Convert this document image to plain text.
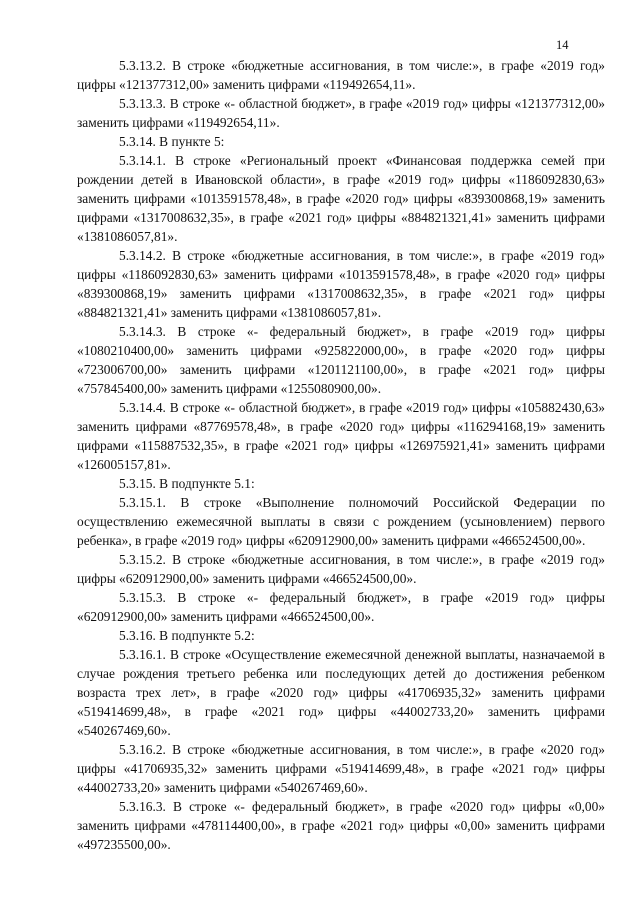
14

5.3.13.2. В строке «бюджетные ассигнования, в том числе:», в графе «2019 год» цифры «121377312,00» заменить цифрами «119492654,11».

5.3.13.3. В строке «- областной бюджет», в графе «2019 год» цифры «121377312,00» заменить цифрами «119492654,11».

5.3.14. В пункте 5:

5.3.14.1. В строке «Региональный проект «Финансовая поддержка семей при рождении детей в Ивановской области», в графе «2019 год» цифры «1186092830,63» заменить цифрами «1013591578,48», в графе «2020 год» цифры «839300868,19» заменить цифрами «1317008632,35», в графе «2021 год» цифры «884821321,41» заменить цифрами «1381086057,81».

5.3.14.2. В строке «бюджетные ассигнования, в том числе:», в графе «2019 год» цифры «1186092830,63» заменить цифрами «1013591578,48», в графе «2020 год» цифры «839300868,19» заменить цифрами «1317008632,35», в графе «2021 год» цифры «884821321,41» заменить цифрами «1381086057,81».

5.3.14.3. В строке «- федеральный бюджет», в графе «2019 год» цифры «1080210400,00» заменить цифрами «925822000,00», в графе «2020 год» цифры «723006700,00» заменить цифрами «1201121100,00», в графе «2021 год» цифры «757845400,00» заменить цифрами «1255080900,00».

5.3.14.4. В строке «- областной бюджет», в графе «2019 год» цифры «105882430,63» заменить цифрами «87769578,48», в графе «2020 год» цифры «116294168,19» заменить цифрами «115887532,35», в графе «2021 год» цифры «126975921,41» заменить цифрами «126005157,81».

5.3.15. В подпункте 5.1:

5.3.15.1. В строке «Выполнение полномочий Российской Федерации по осуществлению ежемесячной выплаты в связи с рождением (усыновлением) первого ребенка», в графе «2019 год» цифры «620912900,00» заменить цифрами «466524500,00».

5.3.15.2. В строке «бюджетные ассигнования, в том числе:», в графе «2019 год» цифры «620912900,00» заменить цифрами «466524500,00».

5.3.15.3. В строке «- федеральный бюджет», в графе «2019 год» цифры «620912900,00» заменить цифрами «466524500,00».

5.3.16. В подпункте 5.2:

5.3.16.1. В строке «Осуществление ежемесячной денежной выплаты, назначаемой в случае рождения третьего ребенка или последующих детей до достижения ребенком возраста трех лет», в графе «2020 год» цифры «41706935,32» заменить цифрами «519414699,48», в графе «2021 год» цифры «44002733,20» заменить цифрами «540267469,60».

5.3.16.2. В строке «бюджетные ассигнования, в том числе:», в графе «2020 год» цифры «41706935,32» заменить цифрами «519414699,48», в графе «2021 год» цифры «44002733,20» заменить цифрами «540267469,60».

5.3.16.3. В строке «- федеральный бюджет», в графе «2020 год» цифры «0,00» заменить цифрами «478114400,00», в графе «2021 год» цифры «0,00» заменить цифрами «497235500,00».
